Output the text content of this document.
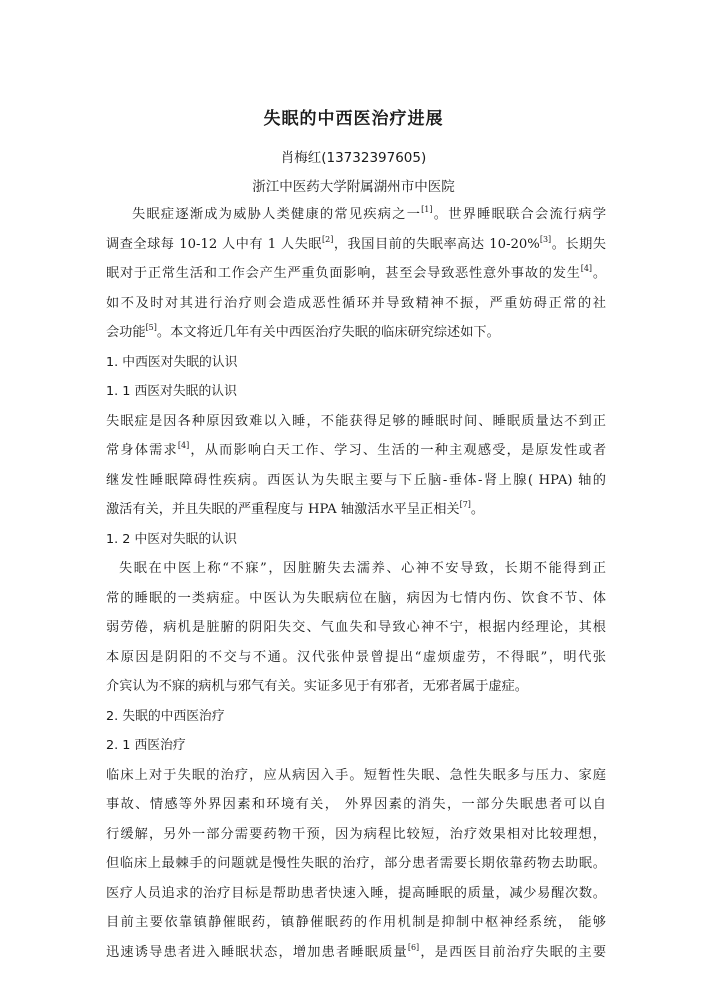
失眠的中西医治疗进展
肖梅红(13732397605)
浙江中医药大学附属湖州市中医院
失眠症逐渐成为威胁人类健康的常见疾病之一[1]。世界睡眠联合会流行病学
调查全球每 10-12 人中有 1 人失眠[2]，我国目前的失眠率高达 10-20%[3]。长期失
眠对于正常生活和工作会产生严重负面影响，甚至会导致恶性意外事故的发生[4]。
如不及时对其进行治疗则会造成恶性循环并导致精神不振，严重妨碍正常的社
会功能[5]。本文将近几年有关中西医治疗失眠的临床研究综述如下。
1. 中西医对失眠的认识
1. 1 西医对失眠的认识
失眠症是因各种原因致难以入睡，不能获得足够的睡眠时间、睡眠质量达不到正
常身体需求[4]，从而影响白天工作、学习、生活的一种主观感受，是原发性或者
继发性睡眠障碍性疾病。西医认为失眠主要与下丘脑-垂体-肾上腺( HPA) 轴的
激活有关，并且失眠的严重程度与 HPA 轴激活水平呈正相关[7]。
1. 2 中医对失眠的认识
失眠在中医上称“不寐”，因脏腑失去濡养、心神不安导致，长期不能得到正
常的睡眠的一类病症。中医认为失眠病位在脑，病因为七情内伤、饮食不节、体
弱劳倦，病机是脏腑的阴阳失交、气血失和导致心神不宁，根据内经理论，其根
本原因是阴阳的不交与不通。汉代张仲景曾提出“虚烦虚劳，不得眠”，明代张
介宾认为不寐的病机与邪气有关。实证多见于有邪者，无邪者属于虚症。
2. 失眠的中西医治疗
2. 1 西医治疗
临床上对于失眠的治疗，应从病因入手。短暂性失眠、急性失眠多与压力、家庭
事故、情感等外界因素和环境有关， 外界因素的消失，一部分失眠患者可以自
行缓解，另外一部分需要药物干预，因为病程比较短，治疗效果相对比较理想，
但临床上最棘手的问题就是慢性失眠的治疗，部分患者需要长期依靠药物去助眠。
医疗人员追求的治疗目标是帮助患者快速入睡，提高睡眠的质量，减少易醒次数。
目前主要依靠镇静催眠药，镇静催眠药的作用机制是抑制中枢神经系统， 能够
迅速诱导患者进入睡眠状态，增加患者睡眠质量[6]，是西医目前治疗失眠的主要
